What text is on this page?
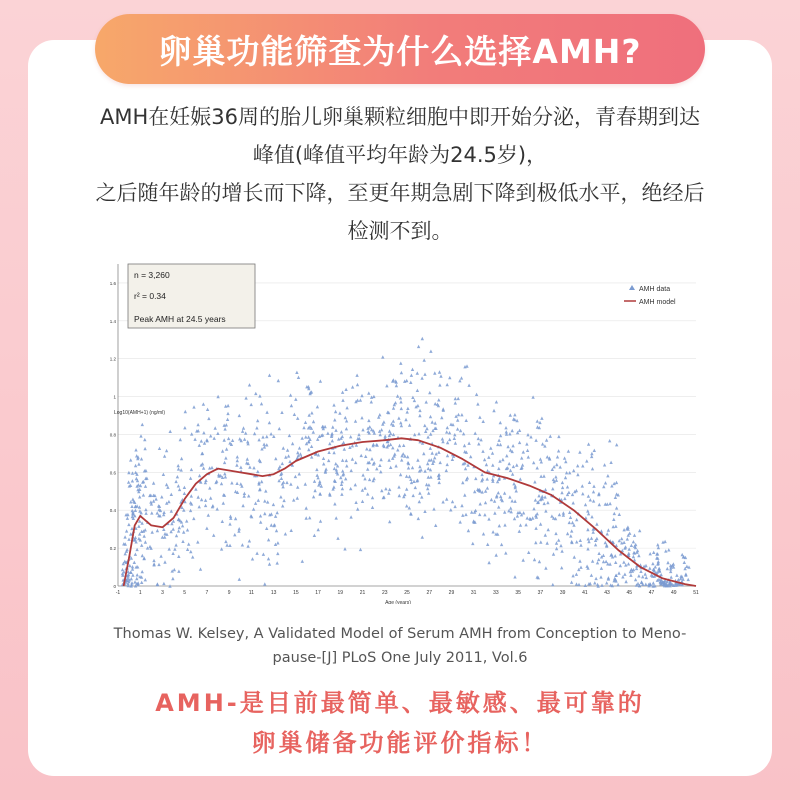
卵巢功能筛查为什么选择AMH?
AMH在妊娠36周的胎儿卵巢颗粒细胞中即开始分泌，青春期到达
峰值(峰值平均年龄为24.5岁)，
之后随年龄的增长而下降，至更年期急剧下降到极低水平，绝经后
检测不到。
-1	1	3	5	7	9	11	13	15	17	19	21	23	25	27	29	31	33	35	37	39	41	43	45	47	49	51
0
0.2
0.4
0.6
0.8
1
1.2
1.4
1.6
n = 3,260
r² = 0.34
Peak AMH at 24.5 years
AMH data
AMH model
Log10(AMH+1) (ng/ml)
Age (years)
Thomas W. Kelsey, A Validated Model of Serum AMH from Conception to Meno-
pause-[J] PLoS One July 2011, Vol.6
AMH-是目前最简单、最敏感、最可靠的
卵巢储备功能评价指标！
